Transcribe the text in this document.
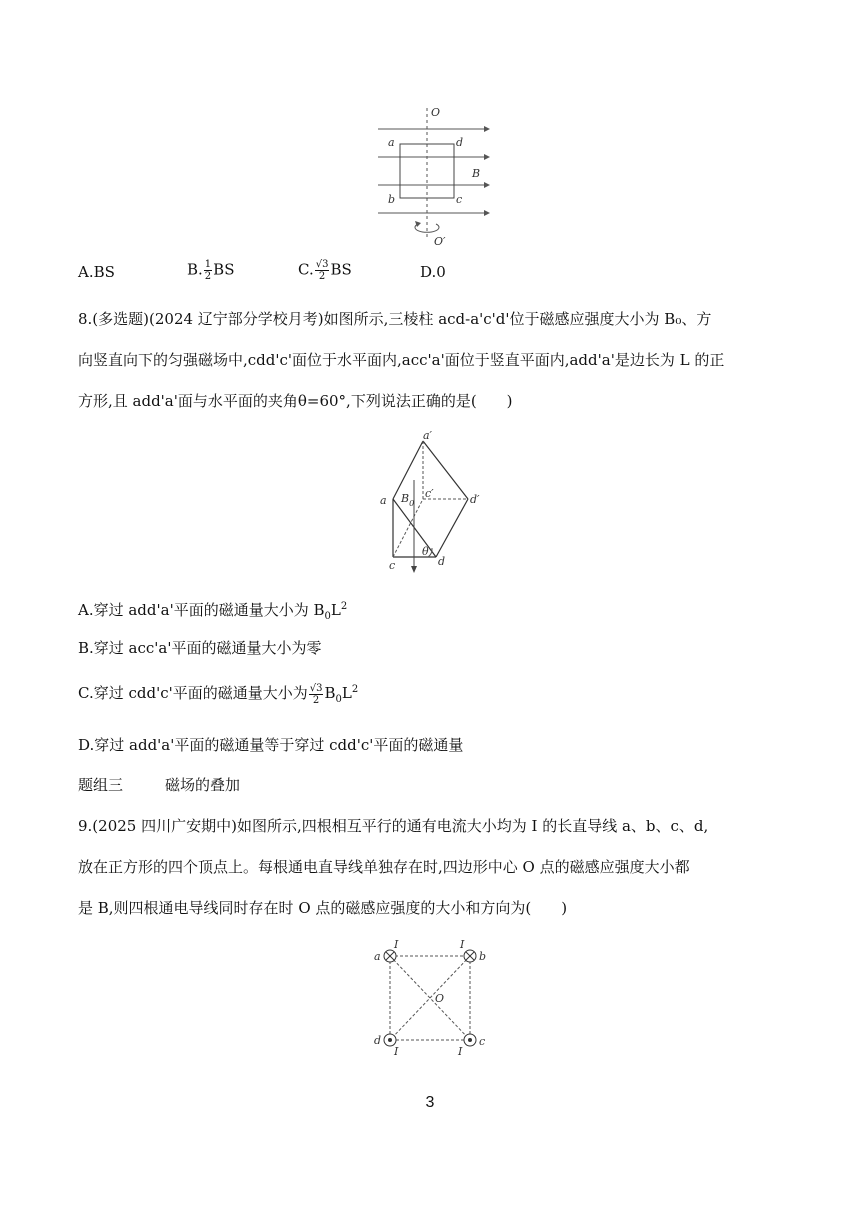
O
a	d
B
b	c
O′
A.BS	B. $\frac{1}{2}$ BS	C. $\frac{√3}{2}$ BS	D.0
8.(多选题)(2024 辽宁部分学校月考)如图所示,三棱柱 acd-a'c'd'位于磁感应强度大小为 B₀、方
向竖直向下的匀强磁场中,cdd'c'面位于水平面内,acc'a'面位于竖直平面内,add'a'是边长为 L 的正
方形,且 add'a'面与水平面的夹角θ=60°,下列说法正确的是(　　)
a′
a $B_0$
c′	d′
θ
c	d
A.穿过 add'a'平面的磁通量大小为 $B_0L^2$
B.穿过 acc'a'平面的磁通量大小为零
C.穿过 cdd'c'平面的磁通量大小为 $\frac{√3}{2} B_0L^2$
D.穿过 add'a'平面的磁通量等于穿过 cdd'c'平面的磁通量
题组三	磁场的叠加
9.(2025 四川广安期中)如图所示,四根相互平行的通有电流大小均为 I 的长直导线 a、b、c、d,
放在正方形的四个顶点上。每根通电直导线单独存在时,四边形中心 O 点的磁感应强度大小都
是 B,则四根通电导线同时存在时 O 点的磁感应强度的大小和方向为(　　)
a	b
c
d
O
I	I
I	I
3
